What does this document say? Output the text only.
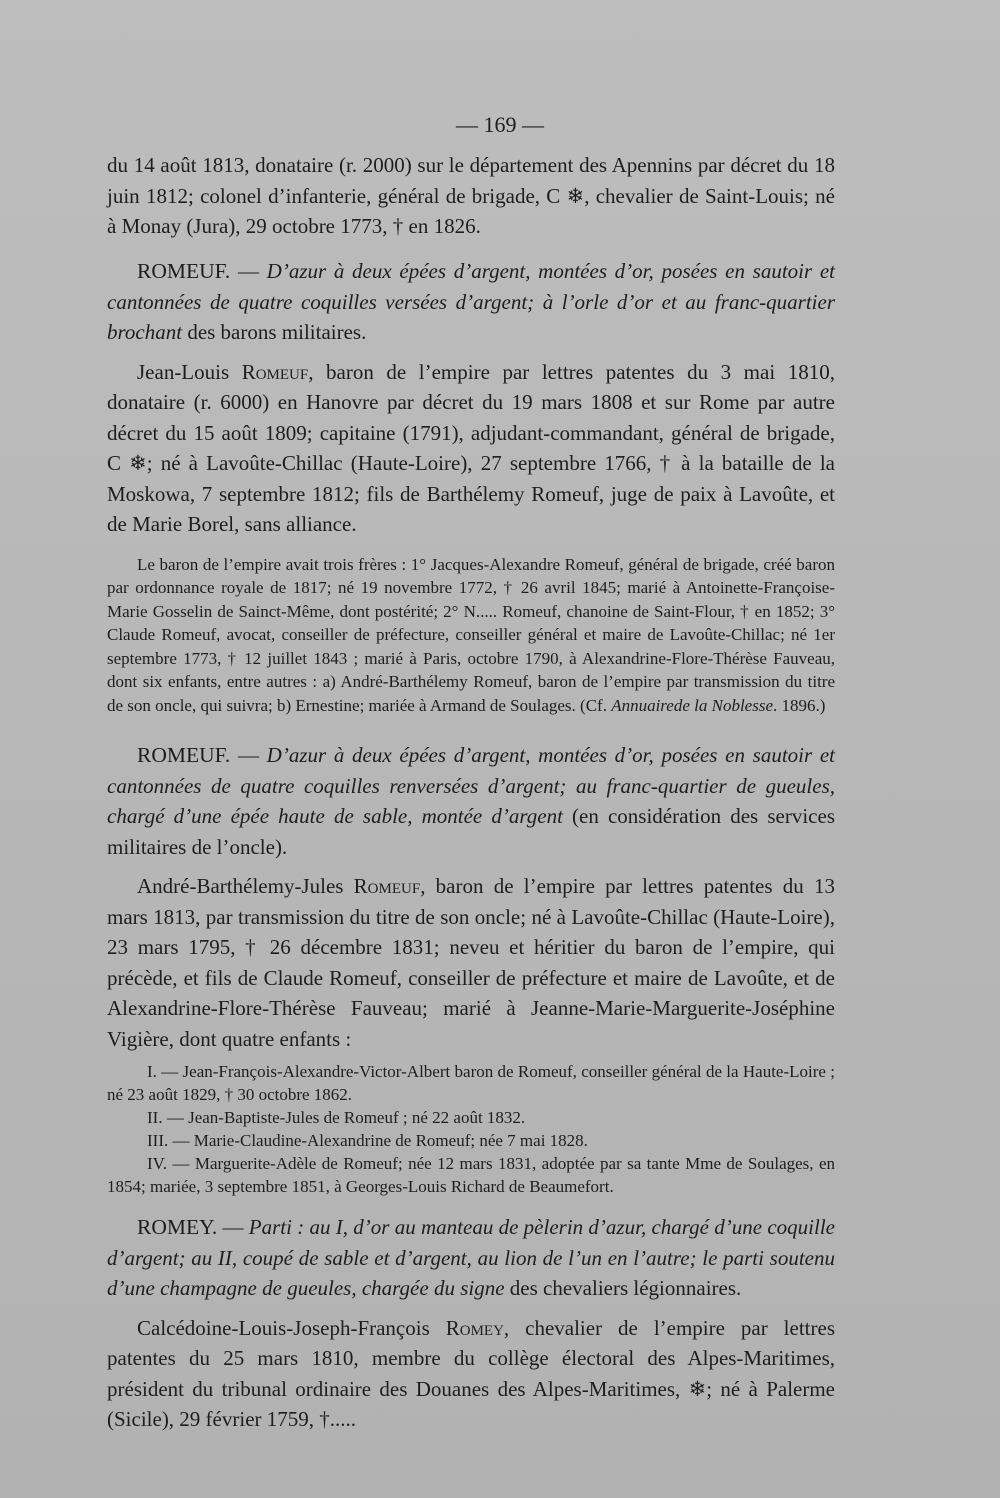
— 169 —

du 14 août 1813, donataire (r. 2000) sur le département des Apennins par décret du 18 juin 1812; colonel d’infanterie, général de brigade, C ❄, chevalier de Saint-Louis; né à Monay (Jura), 29 octobre 1773, † en 1826.

ROMEUF. — D’azur à deux épées d’argent, montées d’or, posées en sautoir et cantonnées de quatre coquilles versées d’argent; à l’orle d’or et au franc-quartier brochant des barons militaires.

Jean-Louis Romeuf, baron de l’empire par lettres patentes du 3 mai 1810, donataire (r. 6000) en Hanovre par décret du 19 mars 1808 et sur Rome par autre décret du 15 août 1809; capitaine (1791), adjudant-commandant, général de brigade, C ❄; né à Lavoûte-Chillac (Haute-Loire), 27 septembre 1766, † à la bataille de la Moskowa, 7 septembre 1812; fils de Barthélemy Romeuf, juge de paix à Lavoûte, et de Marie Borel, sans alliance.

Le baron de l’empire avait trois frères : 1° Jacques-Alexandre Romeuf, général de brigade, créé baron par ordonnance royale de 1817; né 19 novembre 1772, † 26 avril 1845; marié à Antoinette-Françoise-Marie Gosselin de Sainct-Même, dont postérité; 2° N..... Romeuf, chanoine de Saint-Flour, † en 1852; 3° Claude Romeuf, avocat, conseiller de préfecture, conseiller général et maire de Lavoûte-Chillac; né 1er septembre 1773, † 12 juillet 1843 ; marié à Paris, octobre 1790, à Alexandrine-Flore-Thérèse Fauveau, dont six enfants, entre autres : a) André-Barthélemy Romeuf, baron de l’empire par transmission du titre de son oncle, qui suivra; b) Ernestine; mariée à Armand de Soulages. (Cf. Annuairede la Noblesse. 1896.)

ROMEUF. — D’azur à deux épées d’argent, montées d’or, posées en sautoir et cantonnées de quatre coquilles renversées d’argent; au franc-quartier de gueules, chargé d’une épée haute de sable, montée d’argent (en considération des services militaires de l’oncle).

André-Barthélemy-Jules Romeuf, baron de l’empire par lettres patentes du 13 mars 1813, par transmission du titre de son oncle; né à Lavoûte-Chillac (Haute-Loire), 23 mars 1795, † 26 décembre 1831; neveu et héritier du baron de l’empire, qui précède, et fils de Claude Romeuf, conseiller de préfecture et maire de Lavoûte, et de Alexandrine-Flore-Thérèse Fauveau; marié à Jeanne-Marie-Marguerite-Joséphine Vigière, dont quatre enfants :

I. — Jean-François-Alexandre-Victor-Albert baron de Romeuf, conseiller général de la Haute-Loire ; né 23 août 1829, † 30 octobre 1862.

II. — Jean-Baptiste-Jules de Romeuf ; né 22 août 1832.

III. — Marie-Claudine-Alexandrine de Romeuf; née 7 mai 1828.

IV. — Marguerite-Adèle de Romeuf; née 12 mars 1831, adoptée par sa tante Mme de Soulages, en 1854; mariée, 3 septembre 1851, à Georges-Louis Richard de Beaumefort.

ROMEY. — Parti : au I, d’or au manteau de pèlerin d’azur, chargé d’une coquille d’argent; au II, coupé de sable et d’argent, au lion de l’un en l’autre; le parti soutenu d’une champagne de gueules, chargée du signe des chevaliers légionnaires.

Calcédoine-Louis-Joseph-François Romey, chevalier de l’empire par lettres patentes du 25 mars 1810, membre du collège électoral des Alpes-Maritimes, président du tribunal ordinaire des Douanes des Alpes-Maritimes, ❄; né à Palerme (Sicile), 29 février 1759, †.....
